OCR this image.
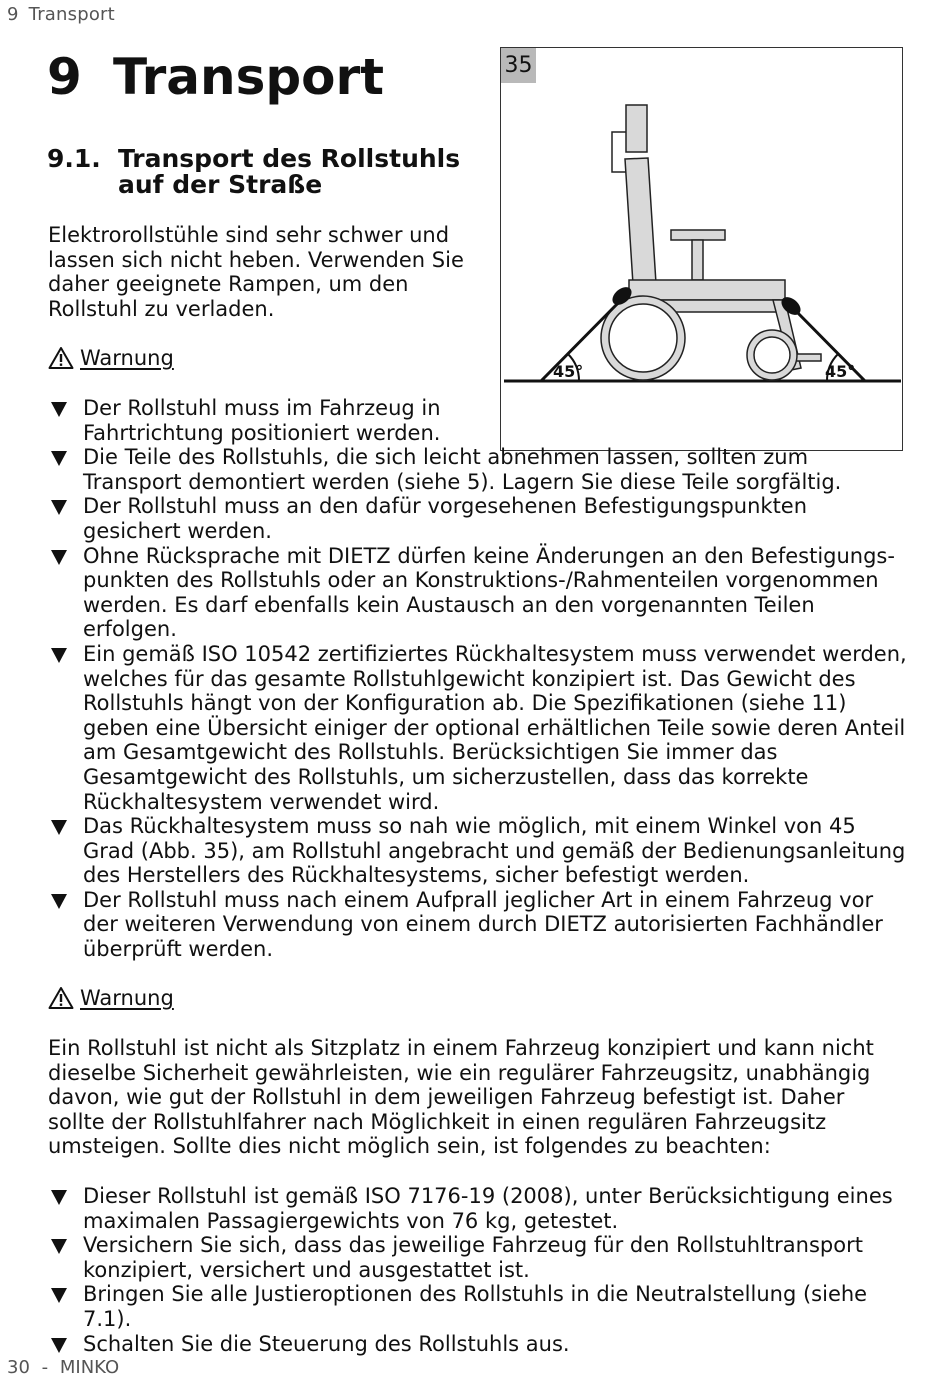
9 Transport
9 Transport
9.1. Transport des Rollstuhls auf der Straße

Elektrorollstühle sind sehr schwer und lassen sich nicht heben. Verwenden Sie daher geeignete Rampen, um den Rollstuhl zu verladen.

Warnung
35
45°	45°
Der Rollstuhl muss im Fahrzeug in Fahrtrichtung positioniert werden.
Die Teile des Rollstuhls, die sich leicht abnehmen lassen, sollten zum Transport demontiert werden (siehe 5). Lagern Sie diese Teile sorgfältig.
Der Rollstuhl muss an den dafür vorgesehenen Befestigungspunkten gesichert werden.
Ohne Rücksprache mit DIETZ dürfen keine Änderungen an den Befestigungs-punkten des Rollstuhls oder an Konstruktions-/Rahmenteilen vorgenommen werden. Es darf ebenfalls kein Austausch an den vorgenannten Teilen erfolgen.
Ein gemäß ISO 10542 zertifiziertes Rückhaltesystem muss verwendet werden, welches für das gesamte Rollstuhlgewicht konzipiert ist. Das Gewicht des Rollstuhls hängt von der Konfiguration ab. Die Spezifikationen (siehe 11) geben eine Übersicht einiger der optional erhältlichen Teile sowie deren Anteil am Gesamtgewicht des Rollstuhls. Berücksichtigen Sie immer das Gesamtgewicht des Rollstuhls, um sicherzustellen, dass das korrekte Rückhaltesystem verwendet wird.
Das Rückhaltesystem muss so nah wie möglich, mit einem Winkel von 45 Grad (Abb. 35), am Rollstuhl angebracht und gemäß der Bedienungsanleitung des Herstellers des Rückhaltesystems, sicher befestigt werden.
Der Rollstuhl muss nach einem Aufprall jeglicher Art in einem Fahrzeug vor der weiteren Verwendung von einem durch DIETZ autorisierten Fachhändler überprüft werden.
Warnung

Ein Rollstuhl ist nicht als Sitzplatz in einem Fahrzeug konzipiert und kann nicht dieselbe Sicherheit gewährleisten, wie ein regulärer Fahrzeugsitz, unabhängig davon, wie gut der Rollstuhl in dem jeweiligen Fahrzeug befestigt ist. Daher sollte der Rollstuhlfahrer nach Möglichkeit in einen regulären Fahrzeugsitz umsteigen. Sollte dies nicht möglich sein, ist folgendes zu beachten:

Dieser Rollstuhl ist gemäß ISO 7176-19 (2008), unter Berücksichtigung eines maximalen Passagiergewichts von 76 kg, getestet.
Versichern Sie sich, dass das jeweilige Fahrzeug für den Rollstuhltransport konzipiert, versichert und ausgestattet ist.
Bringen Sie alle Justieroptionen des Rollstuhls in die Neutralstellung (siehe 7.1).
Schalten Sie die Steuerung des Rollstuhls aus.
30 - MINKO
